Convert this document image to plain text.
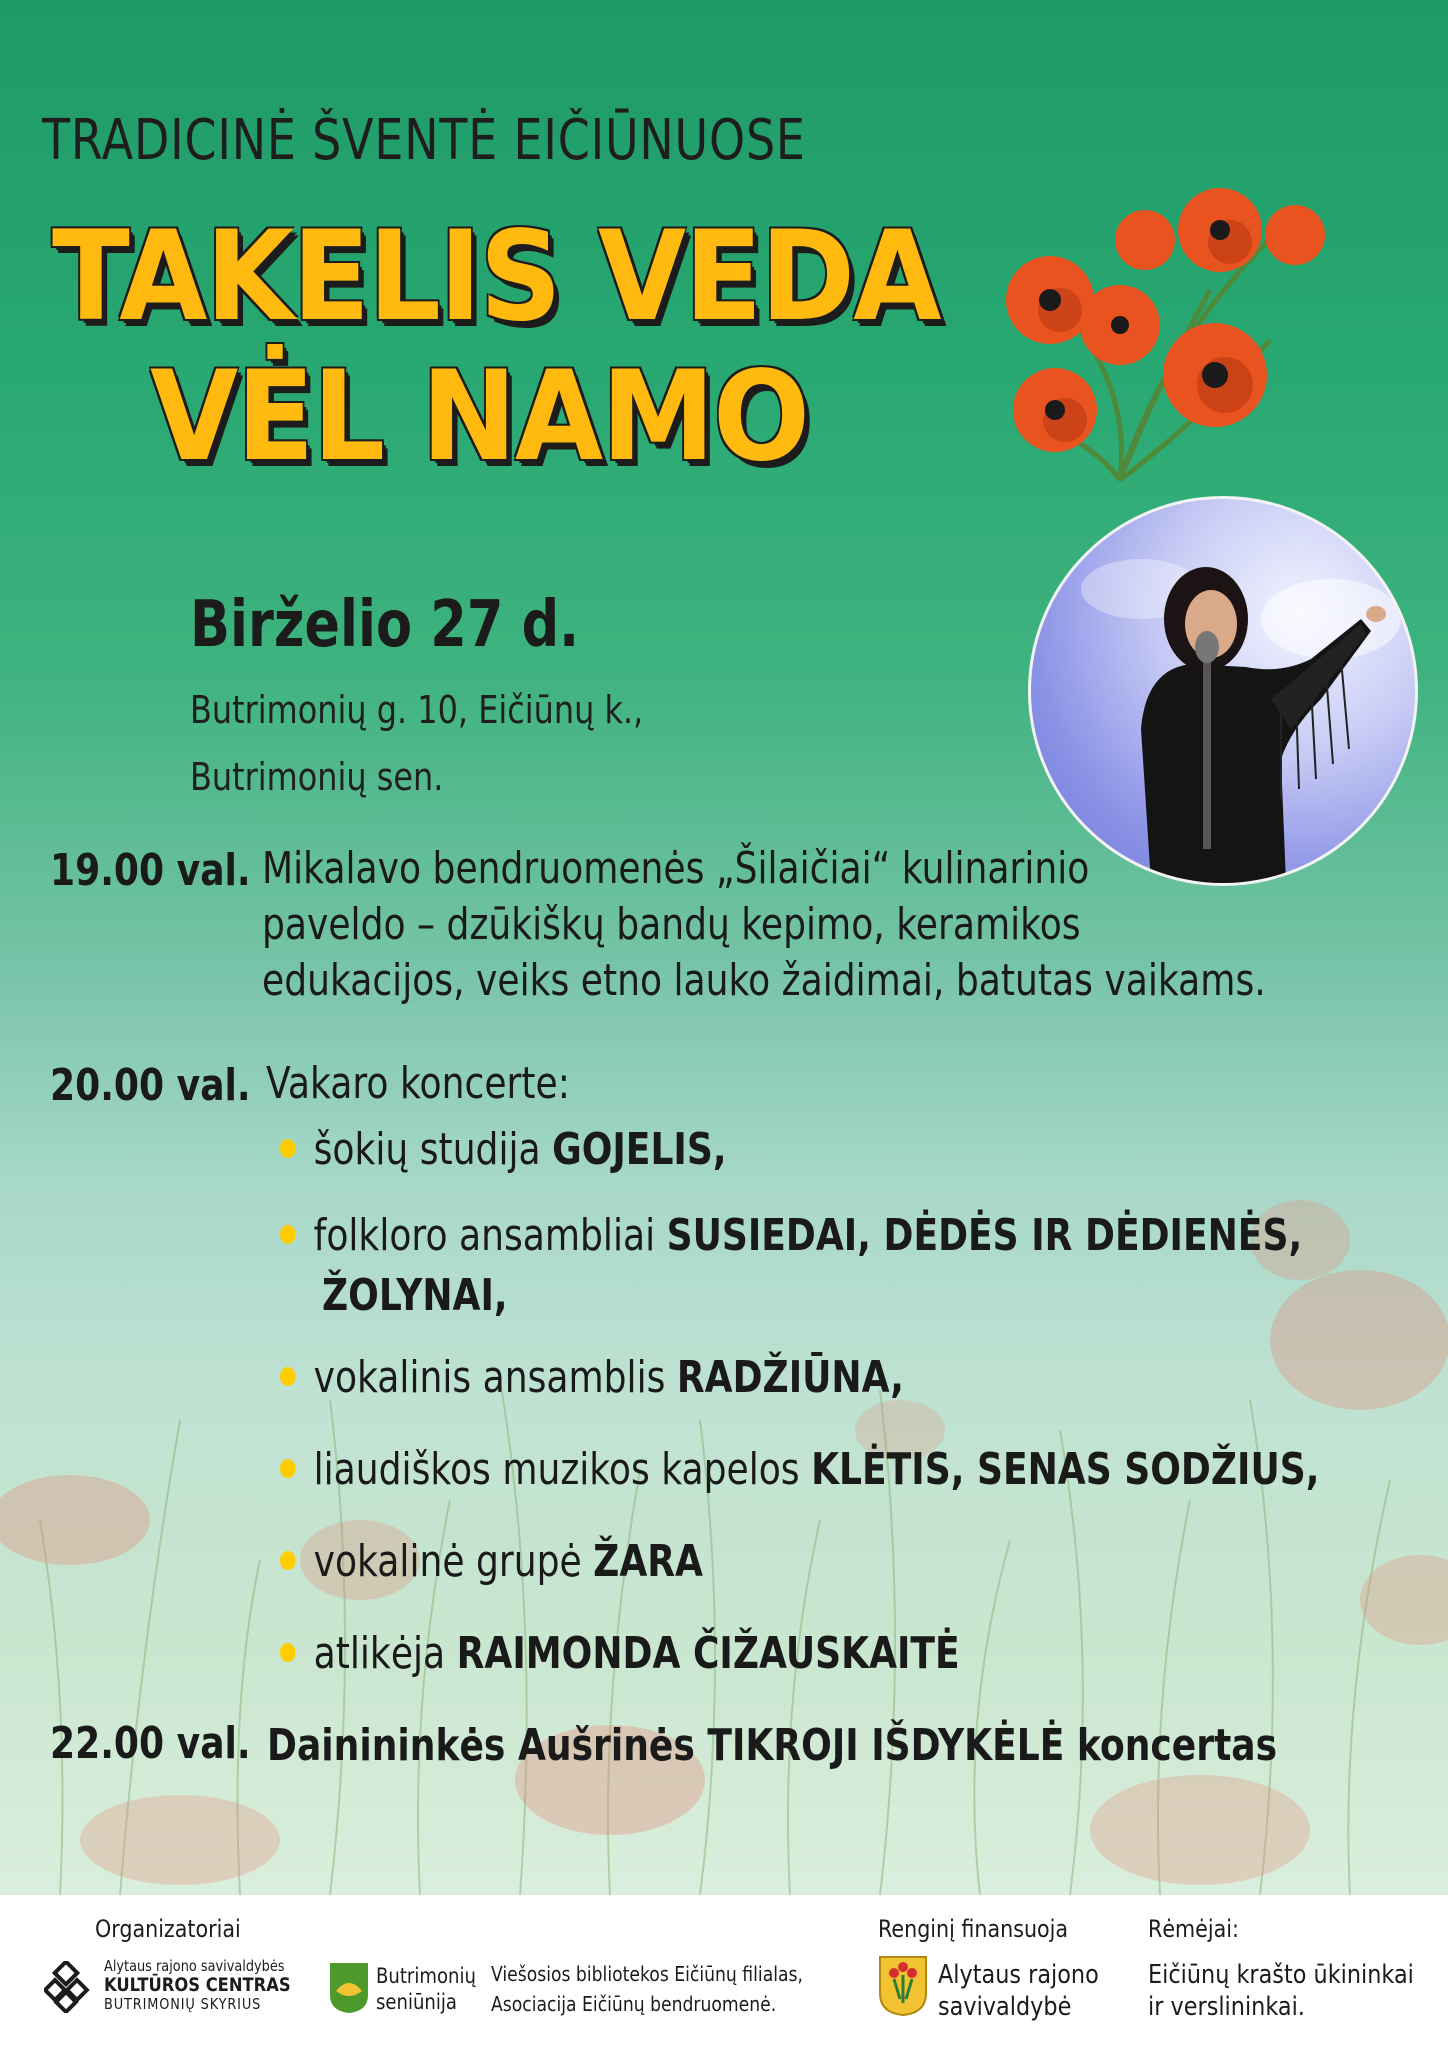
TRADICINĖ ŠVENTĖ EIČIŪNUOSE
TAKELIS VEDA
VĖL NAMO
Birželio 27 d.
Butrimonių g. 10, Eičiūnų k.,
Butrimonių sen.
19.00 val. Mikalavo bendruomenės „Šilaičiai“ kulinarinio
paveldo – dzūkiškų bandų kepimo, keramikos
edukacijos, veiks etno lauko žaidimai, batutas vaikams.
20.00 val. Vakaro koncerte:
šokių studija GOJELIS,
folkloro ansambliai SUSIEDAI, DĖDĖS IR DĖDIENĖS,
ŽOLYNAI,
vokalinis ansamblis RADŽIŪNA,
liaudiškos muzikos kapelos KLĖTIS, SENAS SODŽIUS,
vokalinė grupė ŽARA
atlikėja RAIMONDA ČIŽAUSKAITĖ
22.00 val. Dainininkės Aušrinės TIKROJI IŠDYKĖLĖ koncertas
Organizatoriai
Alytaus rajono savivaldybės
KULTŪROS CENTRAS
BUTRIMONIŲ SKYRIUS
Butrimonių
seniūnija
Viešosios bibliotekos Eičiūnų filialas,
Asociacija Eičiūnų bendruomenė.
Renginį finansuoja
Alytaus rajono
savivaldybė
Rėmėjai:
Eičiūnų krašto ūkininkai
ir verslininkai.
